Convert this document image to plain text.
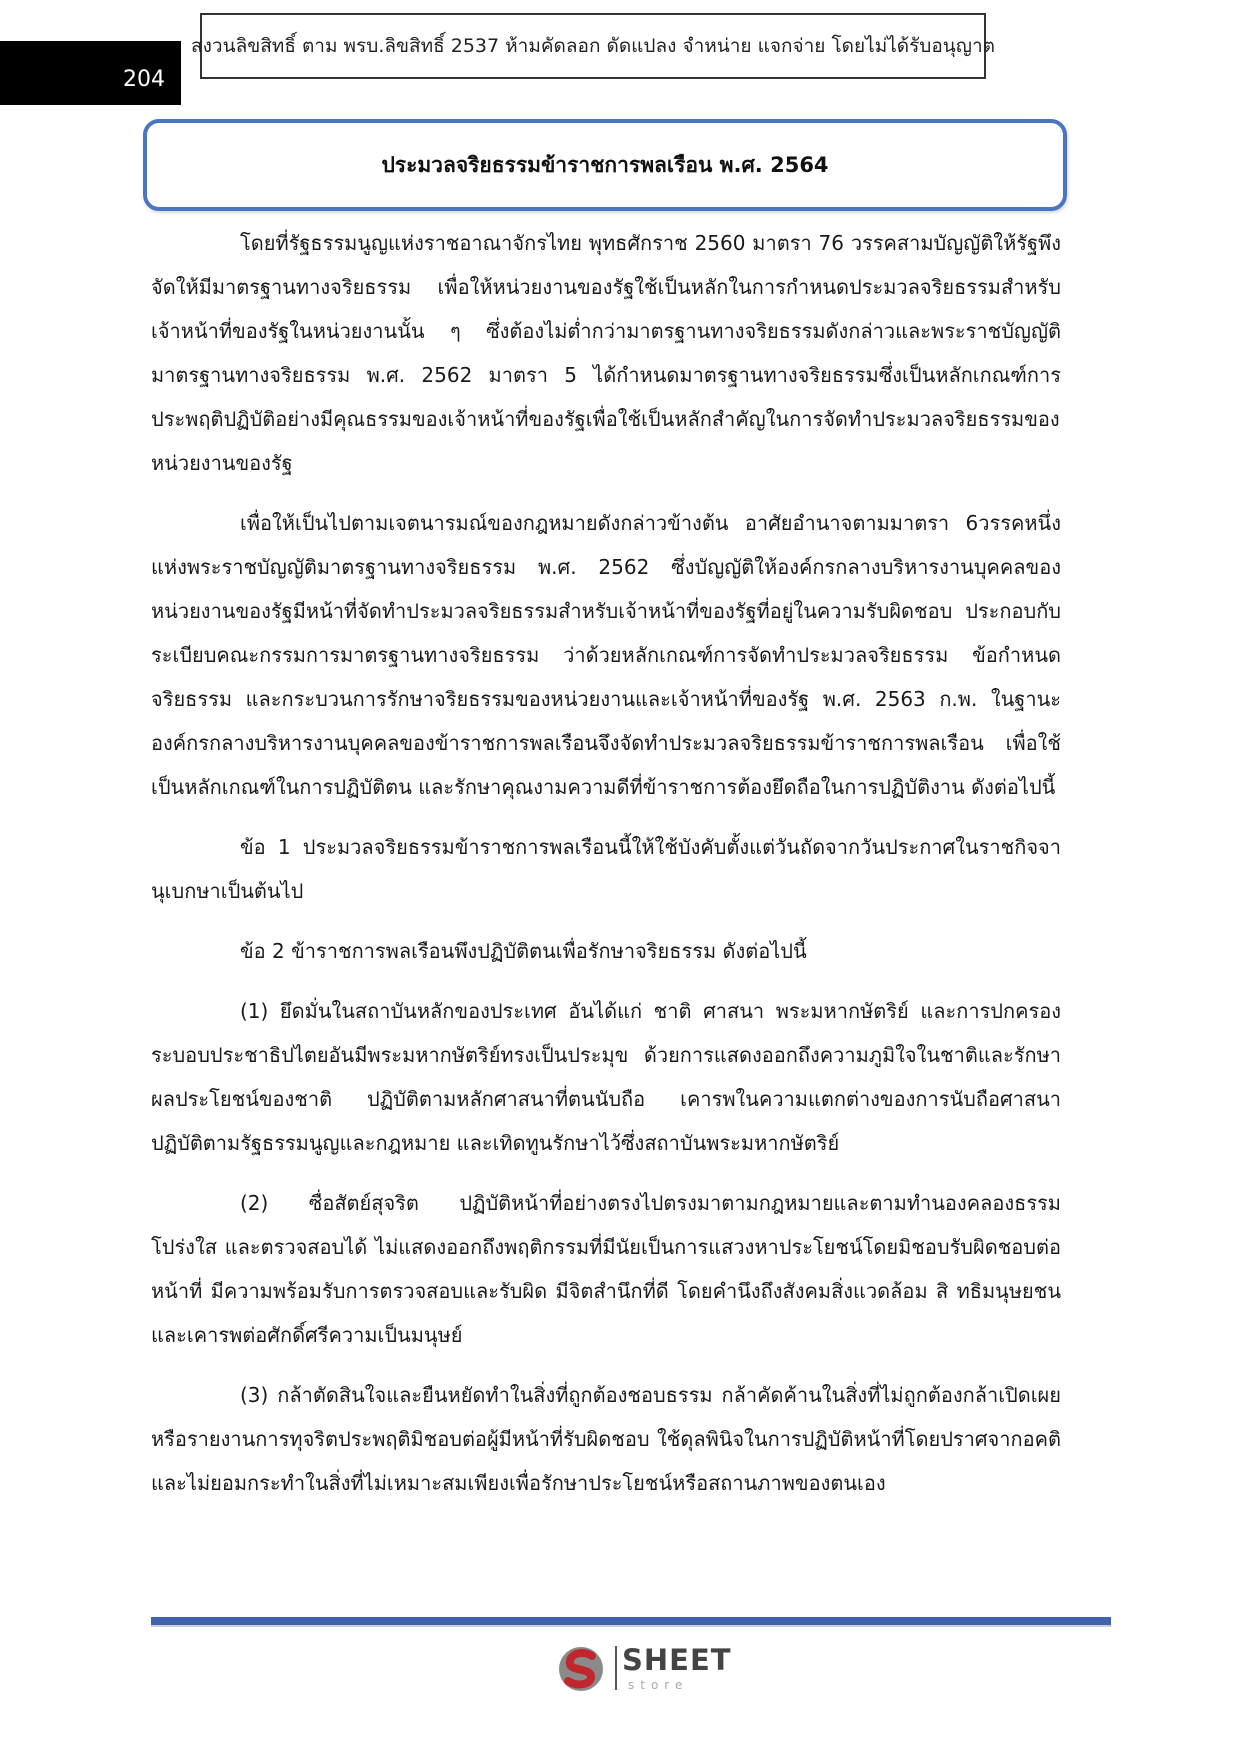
204
สงวนลิขสิทธิ์ ตาม พรบ.ลิขสิทธิ์ 2537 ห้ามคัดลอก ดัดแปลง จำหน่าย แจกจ่าย โดยไม่ได้รับอนุญาต
ประมวลจริยธรรมข้าราชการพลเรือน พ.ศ. 2564

โดยที่รัฐธรรมนูญแห่งราชอาณาจักรไทย พุทธศักราช 2560 มาตรา 76 วรรคสามบัญญัติให้รัฐพึงจัดให้มีมาตรฐานทางจริยธรรม เพื่อให้หน่วยงานของรัฐใช้เป็นหลักในการกำหนดประมวลจริยธรรมสำหรับเจ้าหน้าที่ของรัฐในหน่วยงานนั้น ๆ ซึ่งต้องไม่ต่ำกว่ามาตรฐานทางจริยธรรมดังกล่าวและพระราชบัญญัติมาตรฐานทางจริยธรรม พ.ศ. 2562 มาตรา 5 ได้กำหนดมาตรฐานทางจริยธรรมซึ่งเป็นหลักเกณฑ์การประพฤติปฏิบัติอย่างมีคุณธรรมของเจ้าหน้าที่ของรัฐเพื่อใช้เป็นหลักสำคัญในการจัดทำประมวลจริยธรรมของหน่วยงานของรัฐ

เพื่อให้เป็นไปตามเจตนารมณ์ของกฎหมายดังกล่าวข้างต้น อาศัยอำนาจตามมาตรา 6วรรคหนึ่งแห่งพระราชบัญญัติมาตรฐานทางจริยธรรม พ.ศ. 2562 ซึ่งบัญญัติให้องค์กรกลางบริหารงานบุคคลของหน่วยงานของรัฐมีหน้าที่จัดทำประมวลจริยธรรมสำหรับเจ้าหน้าที่ของรัฐที่อยู่ในความรับผิดชอบ ประกอบกับระเบียบคณะกรรมการมาตรฐานทางจริยธรรม ว่าด้วยหลักเกณฑ์การจัดทำประมวลจริยธรรม ข้อกำหนดจริยธรรม และกระบวนการรักษาจริยธรรมของหน่วยงานและเจ้าหน้าที่ของรัฐ พ.ศ. 2563 ก.พ. ในฐานะองค์กรกลางบริหารงานบุคคลของข้าราชการพลเรือนจึงจัดทำประมวลจริยธรรมข้าราชการพลเรือน เพื่อใช้เป็นหลักเกณฑ์ในการปฏิบัติตน และรักษาคุณงามความดีที่ข้าราชการต้องยึดถือในการปฏิบัติงาน ดังต่อไปนี้

ข้อ 1 ประมวลจริยธรรมข้าราชการพลเรือนนี้ให้ใช้บังคับตั้งแต่วันถัดจากวันประกาศในราชกิจจานุเบกษาเป็นต้นไป

ข้อ 2 ข้าราชการพลเรือนพึงปฏิบัติตนเพื่อรักษาจริยธรรม ดังต่อไปนี้

(1) ยึดมั่นในสถาบันหลักของประเทศ อันได้แก่ ชาติ ศาสนา พระมหากษัตริย์ และการปกครองระบอบประชาธิปไตยอันมีพระมหากษัตริย์ทรงเป็นประมุข ด้วยการแสดงออกถึงความภูมิใจในชาติและรักษาผลประโยชน์ของชาติ ปฏิบัติตามหลักศาสนาที่ตนนับถือ เคารพในความแตกต่างของการนับถือศาสนา ปฏิบัติตามรัฐธรรมนูญและกฎหมาย และเทิดทูนรักษาไว้ซึ่งสถาบันพระมหากษัตริย์

(2) ซื่อสัตย์สุจริต ปฏิบัติหน้าที่อย่างตรงไปตรงมาตามกฎหมายและตามทำนองคลองธรรม โปร่งใส และตรวจสอบได้ ไม่แสดงออกถึงพฤติกรรมที่มีนัยเป็นการแสวงหาประโยชน์โดยมิชอบรับผิดชอบต่อหน้าที่ มีความพร้อมรับการตรวจสอบและรับผิด มีจิตสำนึกที่ดี โดยคำนึงถึงสังคมสิ่งแวดล้อม สิ ทธิมนุษยชน และเคารพต่อศักดิ์ศรีความเป็นมนุษย์

(3) กล้าตัดสินใจและยืนหยัดทำในสิ่งที่ถูกต้องชอบธรรม กล้าคัดค้านในสิ่งที่ไม่ถูกต้องกล้าเปิดเผยหรือรายงานการทุจริตประพฤติมิชอบต่อผู้มีหน้าที่รับผิดชอบ ใช้ดุลพินิจในการปฏิบัติหน้าที่โดยปราศจากอคติ และไม่ยอมกระทำในสิ่งที่ไม่เหมาะสมเพียงเพื่อรักษาประโยชน์หรือสถานภาพของตนเอง

SHEET
store
